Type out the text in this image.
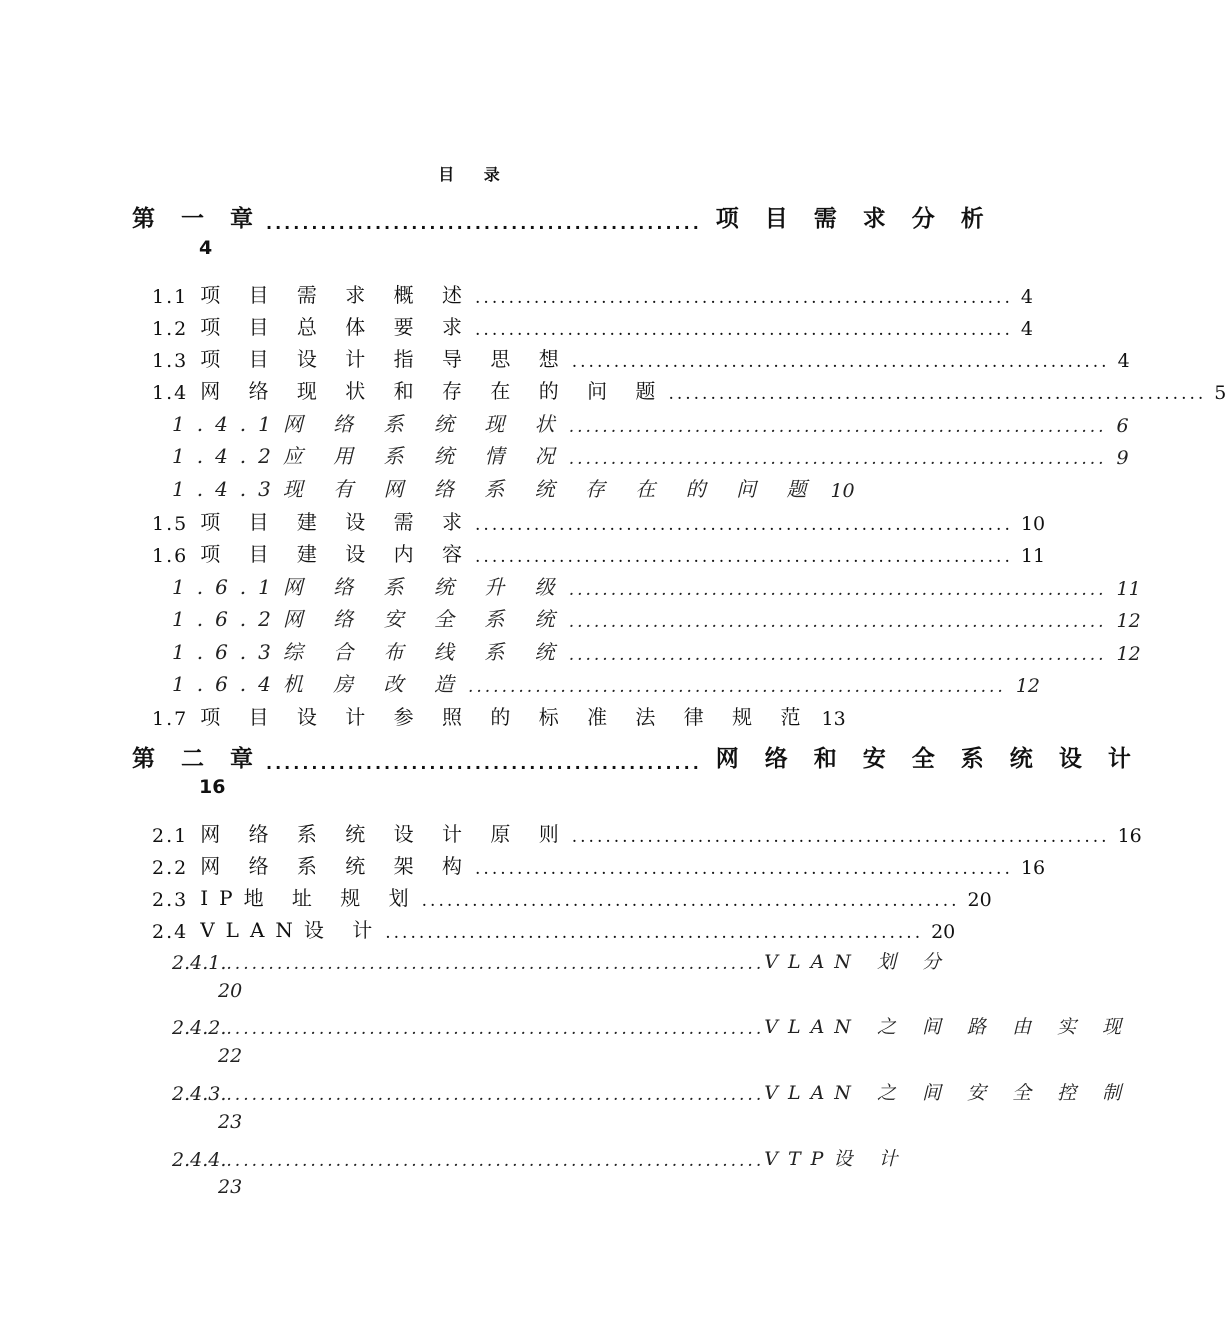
目 录
第 一 章 ................................................ 项 目 需 求 分 析
4
1.1 项 目 需 求 概 述 ................................................................ 4
1.2 项 目 总 体 要 求 ................................................................ 4
1.3 项 目 设 计 指 导 思 想 ................................................................ 4
1.4 网 络 现 状 和 存 在 的 问 题 ................................................................ 5
1.4.1网 络 系 统 现 状 ................................................................ 6
1.4.2应 用 系 统 情 况 ................................................................ 9
1.4.3现 有 网 络 系 统 存 在 的 问 题 10
1.5 项 目 建 设 需 求 ................................................................ 10
1.6 项 目 建 设 内 容 ................................................................ 11
1.6.1网 络 系 统 升 级 ................................................................ 11
1.6.2网 络 安 全 系 统 ................................................................ 12
1.6.3综 合 布 线 系 统 ................................................................ 12
1.6.4机 房 改 造 ................................................................ 12
1.7 项 目 设 计 参 照 的 标 准 法 律 规 范 13
第 二 章 ................................................ 网 络 和 安 全 系 统 设 计
16
2.1 网 络 系 统 设 计 原 则 ................................................................ 16
2.2 网 络 系 统 架 构 ................................................................ 16
2.3 IP地 址 规 划 ................................................................ 20
2.4 VLAN设 计 ................................................................ 20
2.4.1. ................................................................ VLAN 划 分
20
2.4.2. ................................................................ VLAN 之 间 路 由 实 现
22
2.4.3. ................................................................ VLAN 之 间 安 全 控 制
23
2.4.4. ................................................................ VTP设 计
23
